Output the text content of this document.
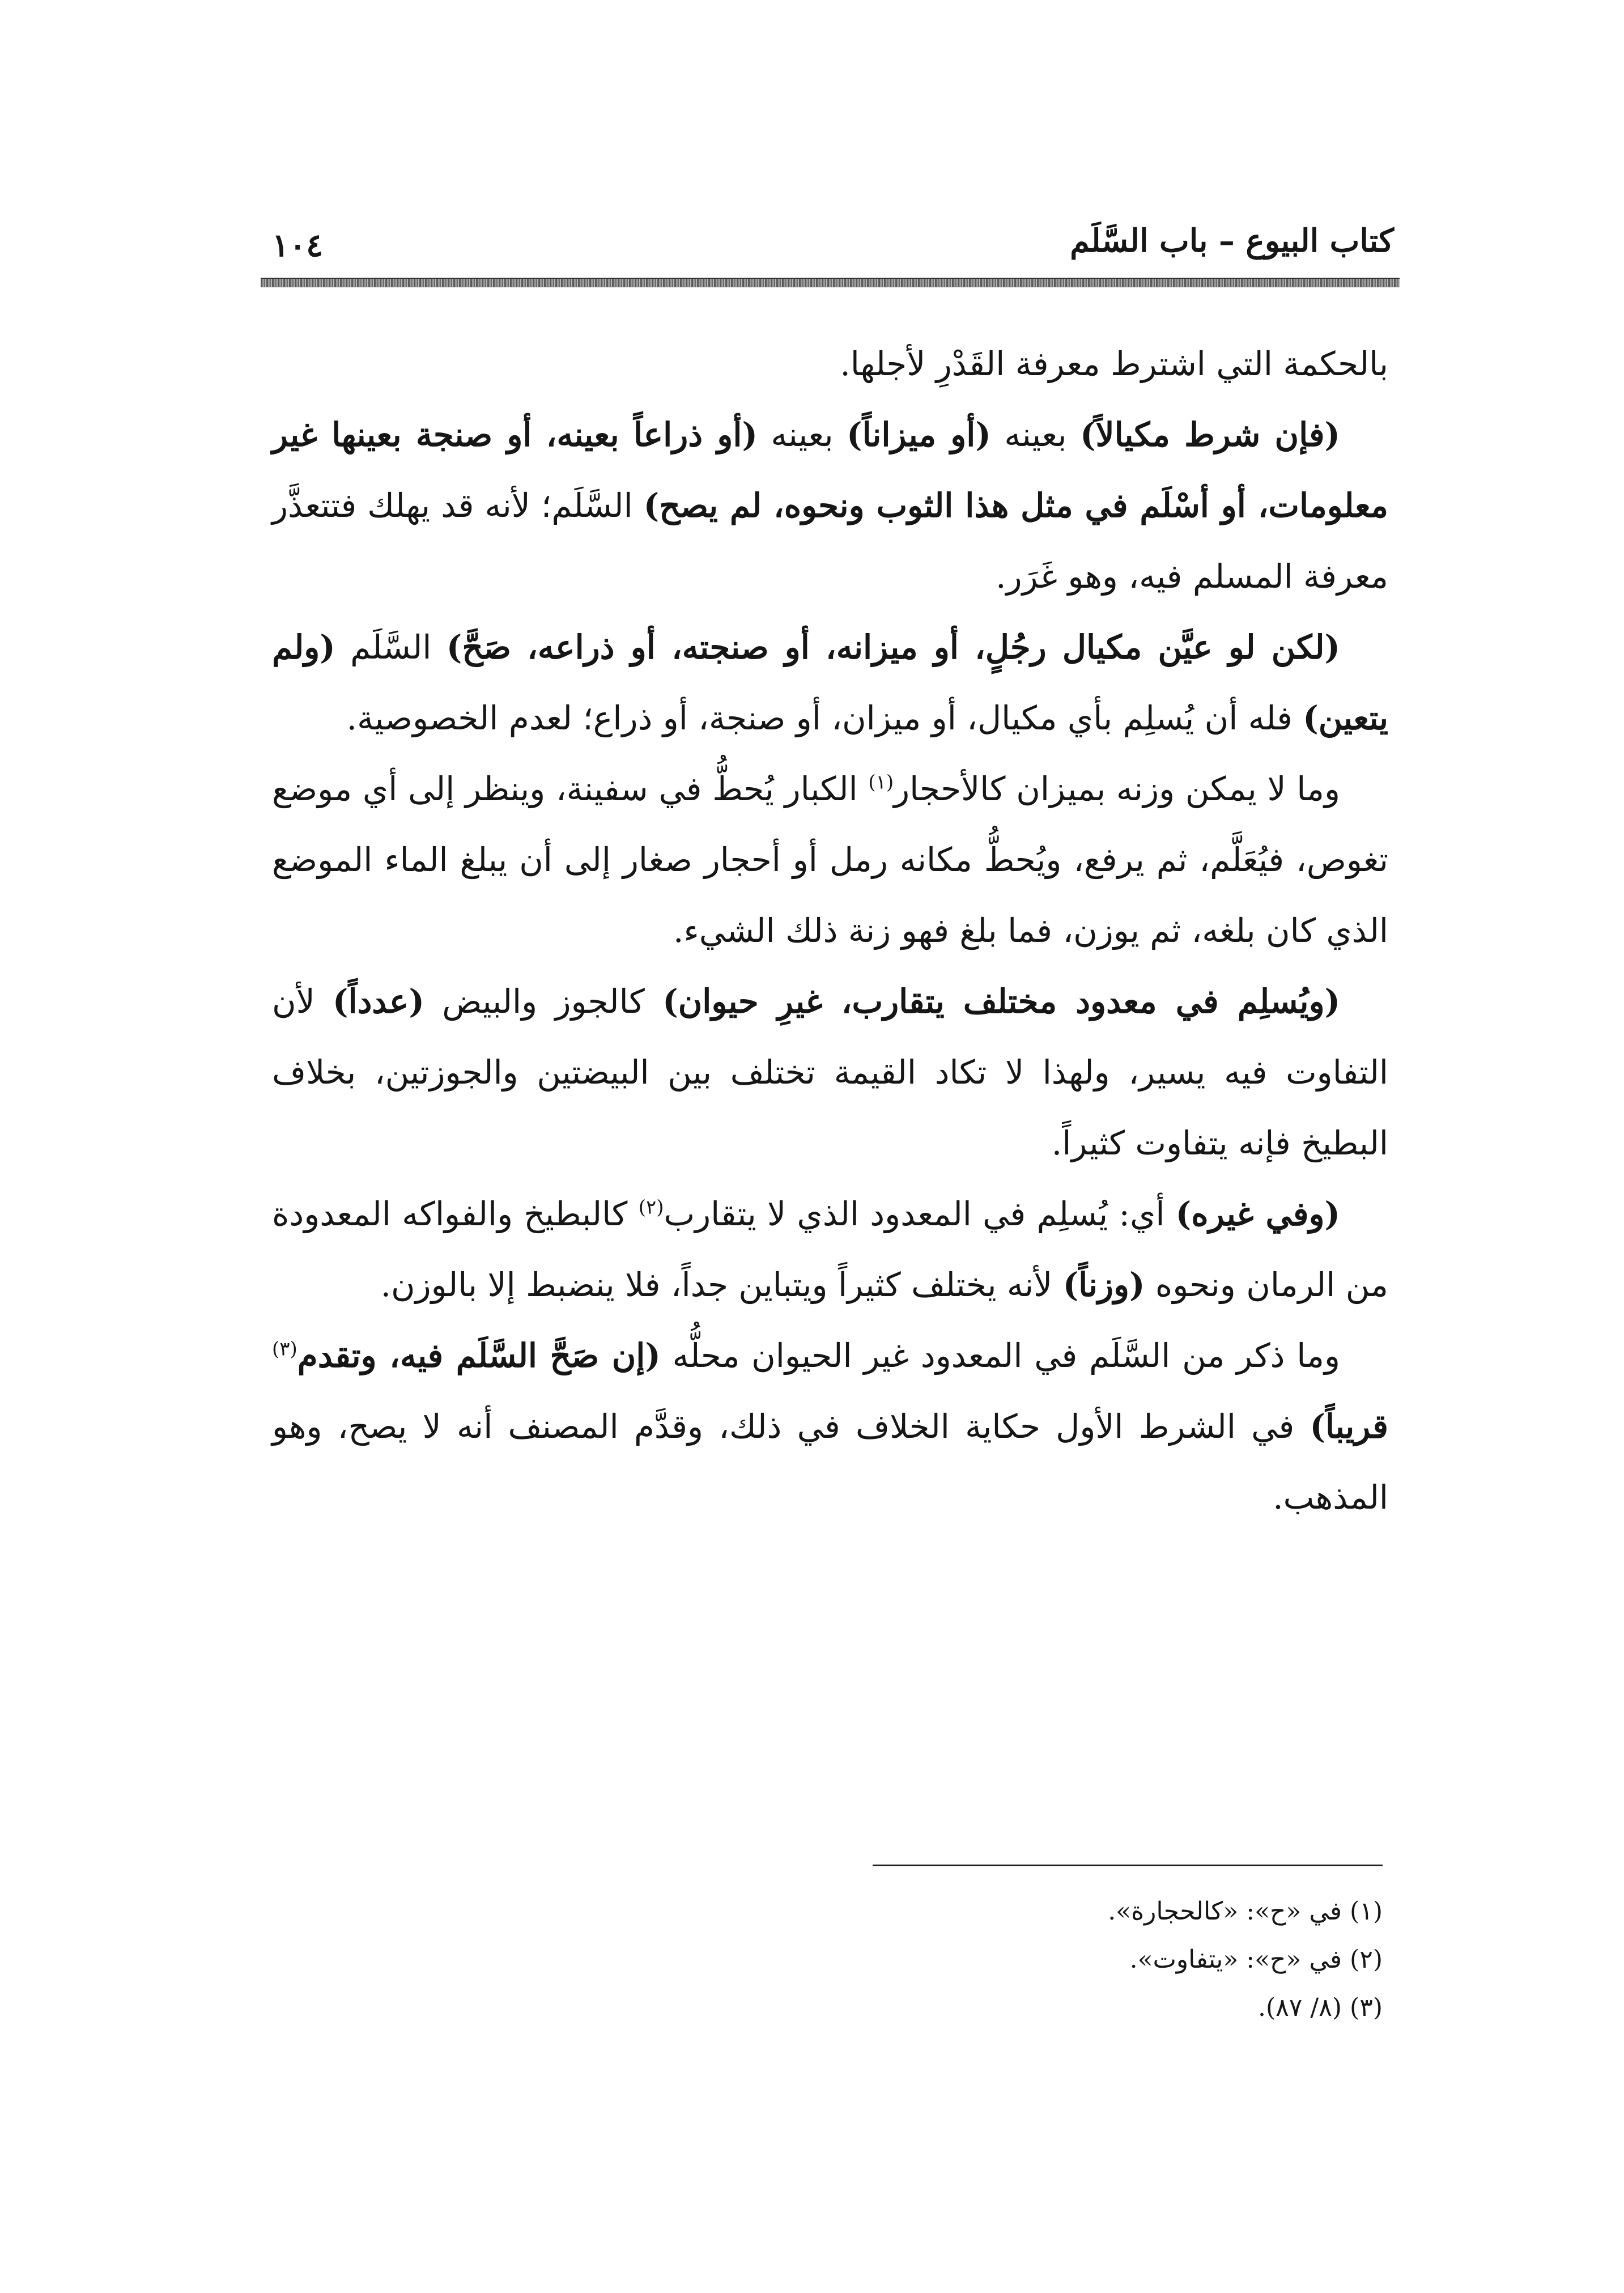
كتاب البيوع – باب السَّلَم
١٠٤

بالحكمة التي اشترط معرفة القَدْرِ لأجلها.

(فإن شرط مكيالاً) بعينه (أو ميزاناً) بعينه (أو ذراعاً بعينه، أو صنجة بعينها غير معلومات، أو أسْلَم في مثل هذا الثوب ونحوه، لم يصح) السَّلَم؛ لأنه قد يهلك فتتعذَّر معرفة المسلم فيه، وهو غَرَر.

(لكن لو عيَّن مكيال رجُلٍ، أو ميزانه، أو صنجته، أو ذراعه، صَحَّ) السَّلَم (ولم يتعين) فله أن يُسلِم بأي مكيال، أو ميزان، أو صنجة، أو ذراع؛ لعدم الخصوصية.

وما لا يمكن وزنه بميزان كالأحجار$^{(١)}$ الكبار يُحطُّ في سفينة، وينظر إلى أي موضع تغوص، فيُعَلَّم، ثم يرفع، ويُحطُّ مكانه رمل أو أحجار صغار إلى أن يبلغ الماء الموضع الذي كان بلغه، ثم يوزن، فما بلغ فهو زنة ذلك الشيء.

(ويُسلِم في معدود مختلف يتقارب، غيرِ حيوان) كالجوز والبيض (عدداً) لأن التفاوت فيه يسير، ولهذا لا تكاد القيمة تختلف بين البيضتين والجوزتين، بخلاف البطيخ فإنه يتفاوت كثيراً.

(وفي غيره) أي: يُسلِم في المعدود الذي لا يتقارب$^{(٢)}$ كالبطيخ والفواكه المعدودة من الرمان ونحوه (وزناً) لأنه يختلف كثيراً ويتباين جداً، فلا ينضبط إلا بالوزن.

وما ذكر من السَّلَم في المعدود غير الحيوان محلُّه (إن صَحَّ السَّلَم فيه، وتقدم$^{(٣)}$ قريباً) في الشرط الأول حكاية الخلاف في ذلك، وقدَّم المصنف أنه لا يصح، وهو المذهب.

(١) في «ح»: «كالحجارة».

(٢) في «ح»: «يتفاوت».

(٣) (٨/ ٨٧).
